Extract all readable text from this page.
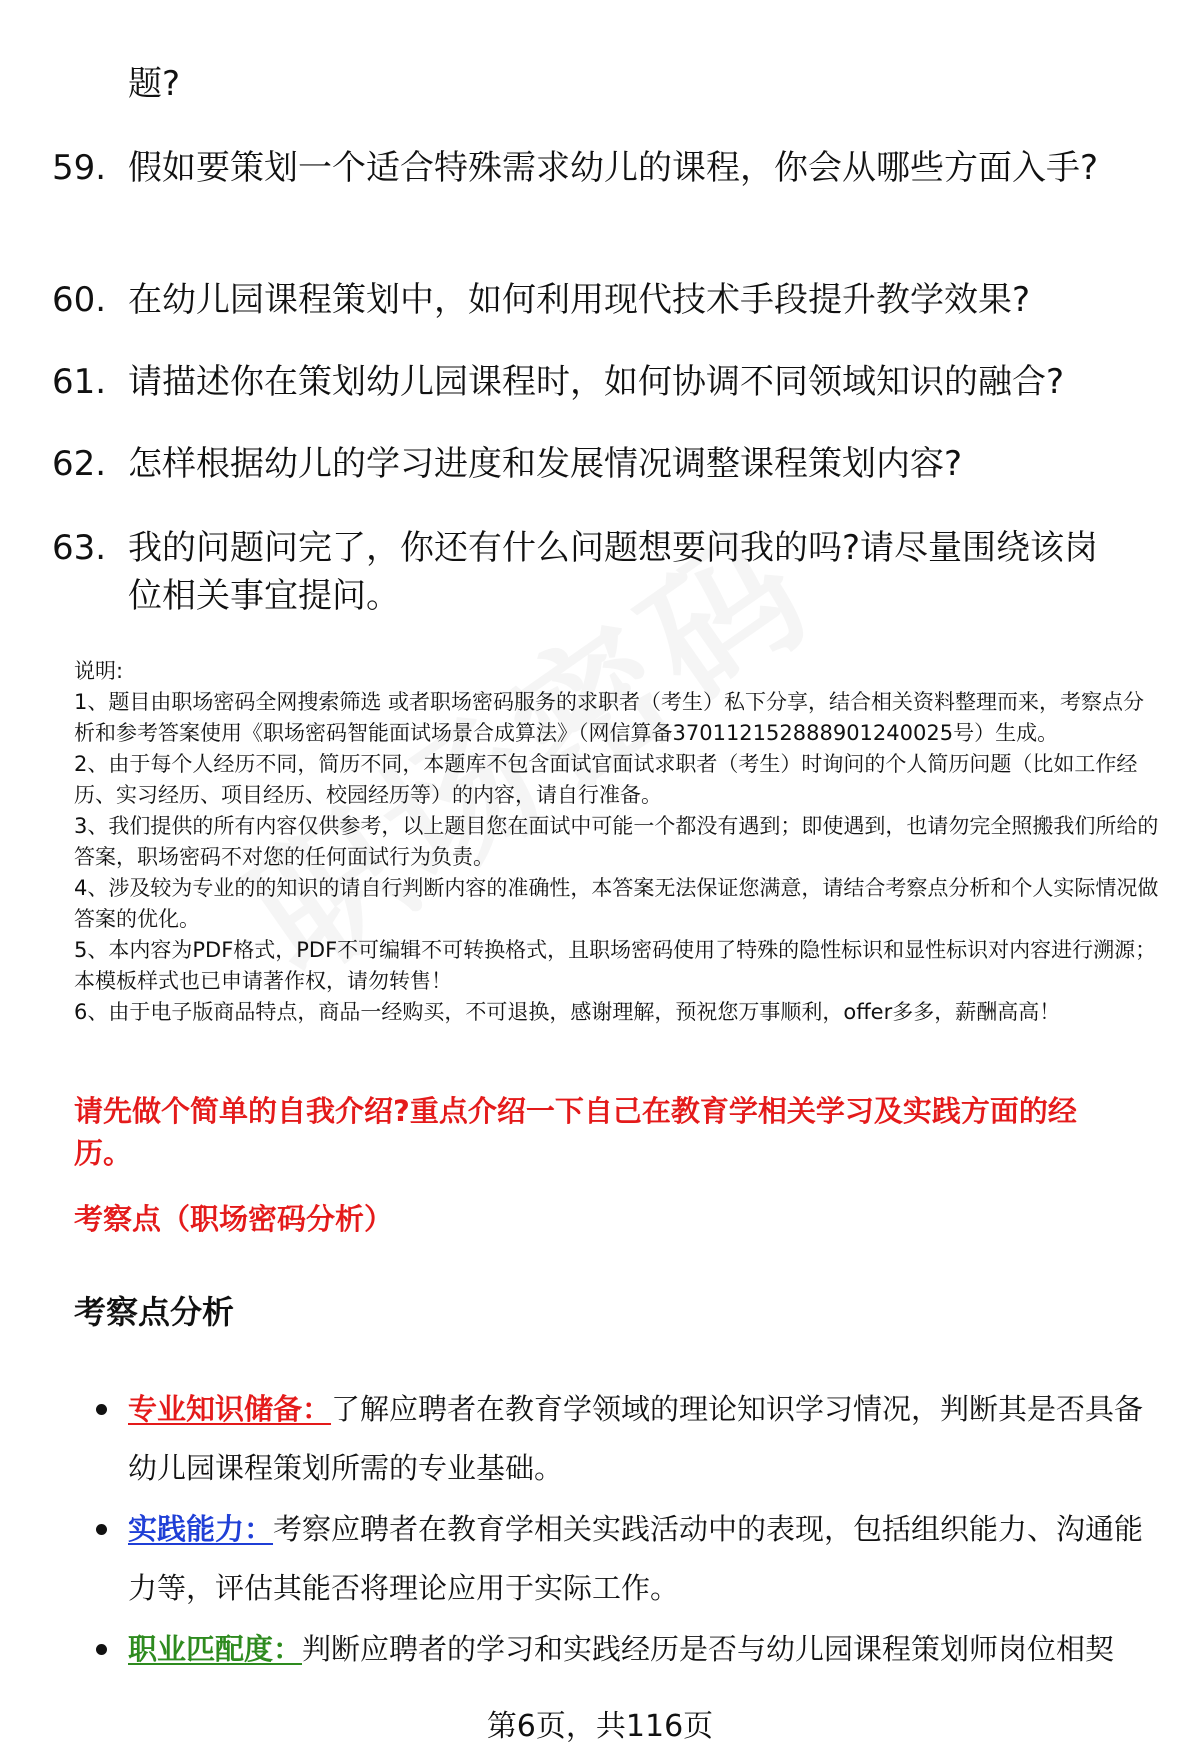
题?
59. 假如要策划一个适合特殊需求幼儿的课程，你会从哪些方面入手?
60. 在幼儿园课程策划中，如何利用现代技术手段提升教学效果?
61. 请描述你在策划幼儿园课程时，如何协调不同领域知识的融合?
62. 怎样根据幼儿的学习进度和发展情况调整课程策划内容?
63. 我的问题问完了，你还有什么问题想要问我的吗?请尽量围绕该岗位相关事宜提问。

说明:

1、题目由职场密码全网搜索筛选 或者职场密码服务的求职者（考生）私下分享，结合相关资料整理而来，考察点分析和参考答案使用《职场密码智能面试场景合成算法》（网信算备370112152888901240025号）生成。

2、由于每个人经历不同，简历不同，本题库不包含面试官面试求职者（考生）时询问的个人简历问题（比如工作经历、实习经历、项目经历、校园经历等）的内容，请自行准备。

3、我们提供的所有内容仅供参考，以上题目您在面试中可能一个都没有遇到；即使遇到，也请勿完全照搬我们所给的答案，职场密码不对您的任何面试行为负责。

4、涉及较为专业的的知识的请自行判断内容的准确性，本答案无法保证您满意，请结合考察点分析和个人实际情况做答案的优化。

5、本内容为PDF格式，PDF不可编辑不可转换格式，且职场密码使用了特殊的隐性标识和显性标识对内容进行溯源；本模板样式也已申请著作权，请勿转售！

6、由于电子版商品特点，商品一经购买，不可退换，感谢理解，预祝您万事顺利，offer多多，薪酬高高！

请先做个简单的自我介绍?重点介绍一下自己在教育学相关学习及实践方面的经历。
考察点（职场密码分析）
考察点分析
专业知识储备：了解应聘者在教育学领域的理论知识学习情况，判断其是否具备幼儿园课程策划所需的专业基础。
实践能力：考察应聘者在教育学相关实践活动中的表现，包括组织能力、沟通能力等，评估其能否将理论应用于实际工作。
职业匹配度：判断应聘者的学习和实践经历是否与幼儿园课程策划师岗位相契
第6页，共116页
